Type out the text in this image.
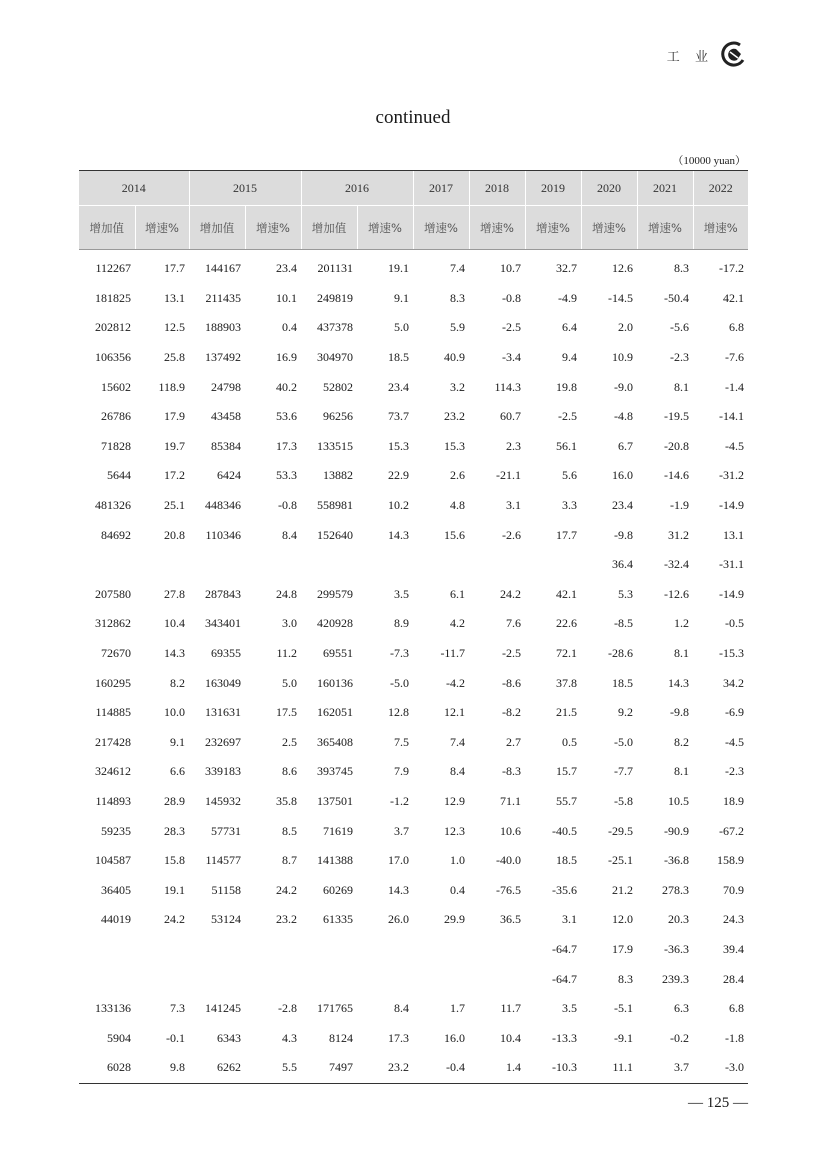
工 业
continued
（10000 yuan）
2014		2015		2016		2017	2018	2019	2020	2021	2022
增加值	增速%	增加值	增速%	增加值	增速%	增速%	增速%	增速%	增速%	增速%	增速%
112267	17.7	144167	23.4	201131	19.1	7.4	10.7	32.7	12.6	8.3	-17.2
181825	13.1	211435	10.1	249819	9.1	8.3	-0.8	-4.9	-14.5	-50.4	42.1
202812	12.5	188903	0.4	437378	5.0	5.9	-2.5	6.4	2.0	-5.6	6.8
106356	25.8	137492	16.9	304970	18.5	40.9	-3.4	9.4	10.9	-2.3	-7.6
15602	118.9	24798	40.2	52802	23.4	3.2	114.3	19.8	-9.0	8.1	-1.4
26786	17.9	43458	53.6	96256	73.7	23.2	60.7	-2.5	-4.8	-19.5	-14.1
71828	19.7	85384	17.3	133515	15.3	15.3	2.3	56.1	6.7	-20.8	-4.5
5644	17.2	6424	53.3	13882	22.9	2.6	-21.1	5.6	16.0	-14.6	-31.2
481326	25.1	448346	-0.8	558981	10.2	4.8	3.1	3.3	23.4	-1.9	-14.9
84692	20.8	110346	8.4	152640	14.3	15.6	-2.6	17.7	-9.8	31.2	13.1
									36.4	-32.4	-31.1
207580	27.8	287843	24.8	299579	3.5	6.1	24.2	42.1	5.3	-12.6	-14.9
312862	10.4	343401	3.0	420928	8.9	4.2	7.6	22.6	-8.5	1.2	-0.5
72670	14.3	69355	11.2	69551	-7.3	-11.7	-2.5	72.1	-28.6	8.1	-15.3
160295	8.2	163049	5.0	160136	-5.0	-4.2	-8.6	37.8	18.5	14.3	34.2
114885	10.0	131631	17.5	162051	12.8	12.1	-8.2	21.5	9.2	-9.8	-6.9
217428	9.1	232697	2.5	365408	7.5	7.4	2.7	0.5	-5.0	8.2	-4.5
324612	6.6	339183	8.6	393745	7.9	8.4	-8.3	15.7	-7.7	8.1	-2.3
114893	28.9	145932	35.8	137501	-1.2	12.9	71.1	55.7	-5.8	10.5	18.9
59235	28.3	57731	8.5	71619	3.7	12.3	10.6	-40.5	-29.5	-90.9	-67.2
104587	15.8	114577	8.7	141388	17.0	1.0	-40.0	18.5	-25.1	-36.8	158.9
36405	19.1	51158	24.2	60269	14.3	0.4	-76.5	-35.6	21.2	278.3	70.9
44019	24.2	53124	23.2	61335	26.0	29.9	36.5	3.1	12.0	20.3	24.3
								-64.7	17.9	-36.3	39.4
								-64.7	8.3	239.3	28.4
133136	7.3	141245	-2.8	171765	8.4	1.7	11.7	3.5	-5.1	6.3	6.8
5904	-0.1	6343	4.3	8124	17.3	16.0	10.4	-13.3	-9.1	-0.2	-1.8
6028	9.8	6262	5.5	7497	23.2	-0.4	1.4	-10.3	11.1	3.7	-3.0
— 125 —
